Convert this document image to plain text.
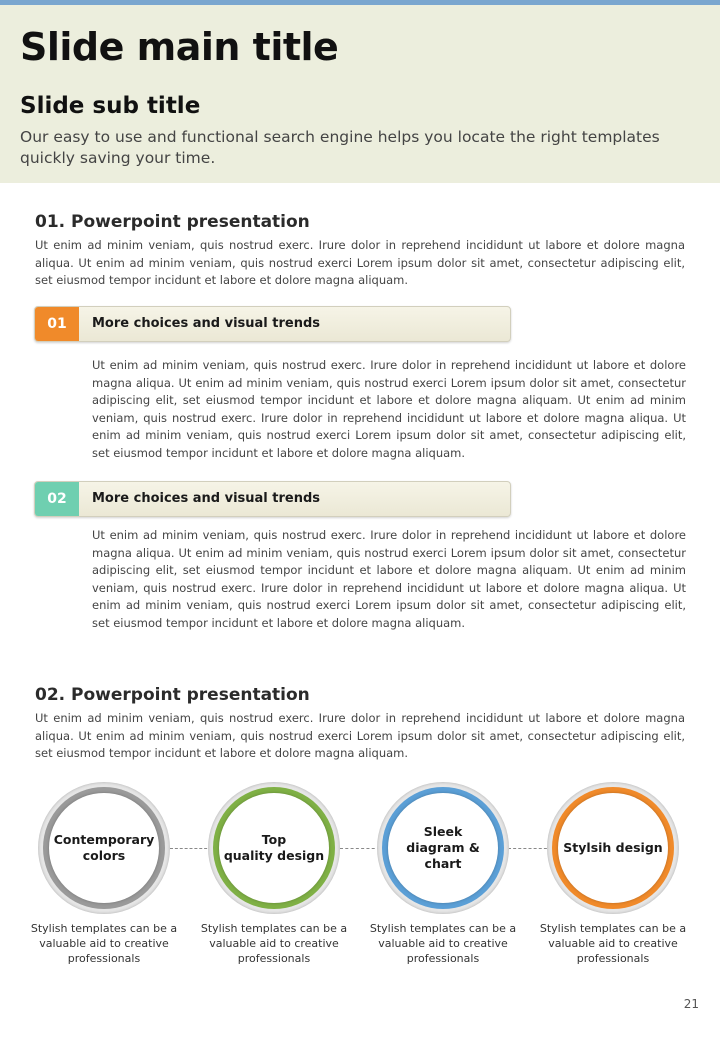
Slide main title
Slide sub title
Our easy to use and functional search engine helps you locate the right templates quickly saving your time.
01. Powerpoint presentation
Ut enim ad minim veniam, quis nostrud exerc. Irure dolor in reprehend incididunt ut labore et dolore magna aliqua. Ut enim ad minim veniam, quis nostrud exerci Lorem ipsum dolor sit amet, consectetur adipiscing elit, set eiusmod tempor incidunt et labore et dolore magna aliquam.
01	More choices and visual trends
Ut enim ad minim veniam, quis nostrud exerc. Irure dolor in reprehend incididunt ut labore et dolore magna aliqua. Ut enim ad minim veniam, quis nostrud exerci Lorem ipsum dolor sit amet, consectetur adipiscing elit, set eiusmod tempor incidunt et labore et dolore magna aliquam. Ut enim ad minim veniam, quis nostrud exerc. Irure dolor in reprehend incididunt ut labore et dolore magna aliqua. Ut enim ad minim veniam, quis nostrud exerci Lorem ipsum dolor sit amet, consectetur adipiscing elit, set eiusmod tempor incidunt et labore et dolore magna aliquam.
02	More choices and visual trends
Ut enim ad minim veniam, quis nostrud exerc. Irure dolor in reprehend incididunt ut labore et dolore magna aliqua. Ut enim ad minim veniam, quis nostrud exerci Lorem ipsum dolor sit amet, consectetur adipiscing elit, set eiusmod tempor incidunt et labore et dolore magna aliquam. Ut enim ad minim veniam, quis nostrud exerc. Irure dolor in reprehend incididunt ut labore et dolore magna aliqua. Ut enim ad minim veniam, quis nostrud exerci Lorem ipsum dolor sit amet, consectetur adipiscing elit, set eiusmod tempor incidunt et labore et dolore magna aliquam.
02. Powerpoint presentation
Ut enim ad minim veniam, quis nostrud exerc. Irure dolor in reprehend incididunt ut labore et dolore magna aliqua. Ut enim ad minim veniam, quis nostrud exerci Lorem ipsum dolor sit amet, consectetur adipiscing elit, set eiusmod tempor incidunt et labore et dolore magna aliquam.
Contemporary
colors
Top
quality design
Sleek
diagram & chart
Stylsih design
Stylish templates can be a valuable aid to creative professionals
Stylish templates can be a valuable aid to creative professionals
Stylish templates can be a valuable aid to creative professionals
Stylish templates can be a valuable aid to creative professionals
21
